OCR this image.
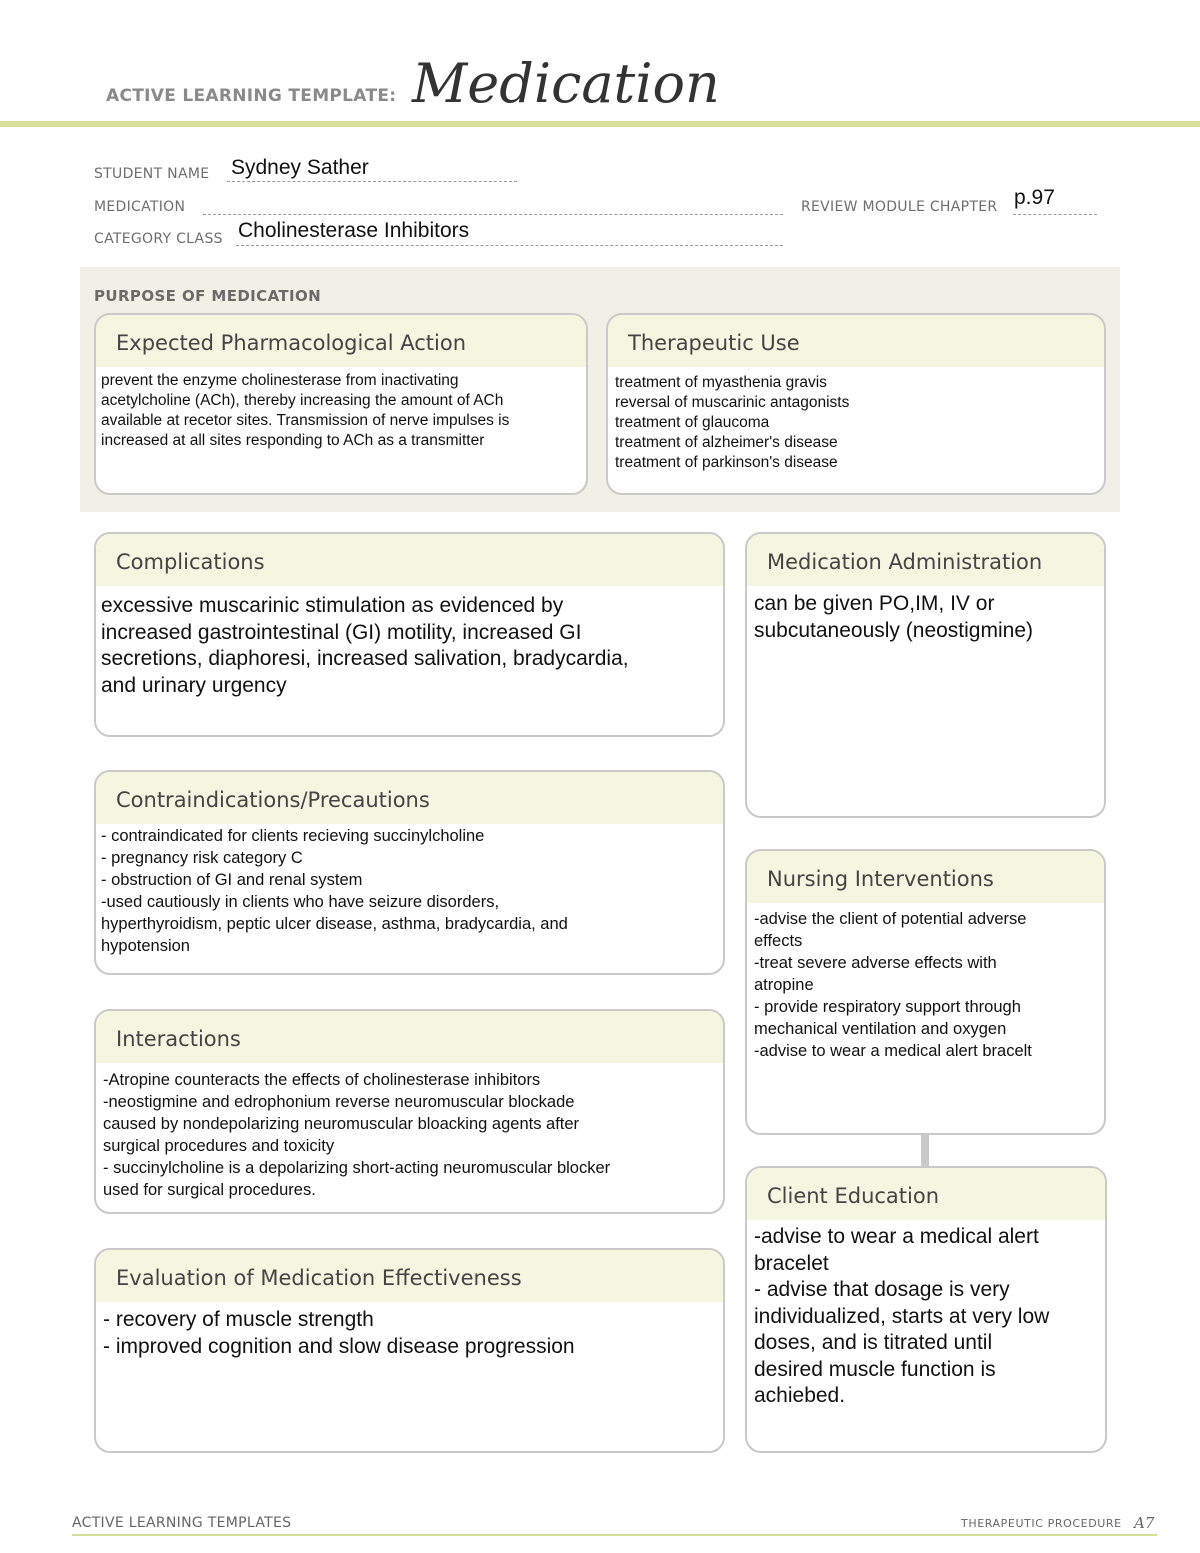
ACTIVE LEARNING TEMPLATE: Medication
STUDENT NAME Sydney Sather
MEDICATION	REVIEW MODULE CHAPTER p.97
CATEGORY CLASS Cholinesterase Inhibitors
PURPOSE OF MEDICATION
Expected Pharmacological Action
prevent the enzyme cholinesterase from inactivating
acetylcholine (ACh), thereby increasing the amount of ACh
available at recetor sites. Transmission of nerve impulses is
increased at all sites responding to ACh as a transmitter
Therapeutic Use
treatment of myasthenia gravis
reversal of muscarinic antagonists
treatment of glaucoma
treatment of alzheimer's disease
treatment of parkinson's disease
Complications
excessive muscarinic stimulation as evidenced by
increased gastrointestinal (GI) motility, increased GI
secretions, diaphoresi, increased salivation, bradycardia,
and urinary urgency
Medication Administration
can be given PO,IM, IV or
subcutaneously (neostigmine)
Contraindications/Precautions
- contraindicated for clients recieving succinylcholine
- pregnancy risk category C
- obstruction of GI and renal system
-used cautiously in clients who have seizure disorders,
hyperthyroidism, peptic ulcer disease, asthma, bradycardia, and
hypotension
Nursing Interventions
-advise the client of potential adverse
effects
-treat severe adverse effects with
atropine
- provide respiratory support through
mechanical ventilation and oxygen
-advise to wear a medical alert bracelt
Interactions
-Atropine counteracts the effects of cholinesterase inhibitors
-neostigmine and edrophonium reverse neuromuscular blockade
caused by nondepolarizing neuromuscular bloacking agents after
surgical procedures and toxicity
- succinylcholine is a depolarizing short-acting neuromuscular blocker
used for surgical procedures.	Client Education
-advise to wear a medical alert
bracelet
- advise that dosage is very
individualized, starts at very low
doses, and is titrated until
desired muscle function is
achiebed.
Evaluation of Medication Effectiveness
- recovery of muscle strength
- improved cognition and slow disease progression
ACTIVE LEARNING TEMPLATES	THERAPEUTIC PROCEDURE A7
